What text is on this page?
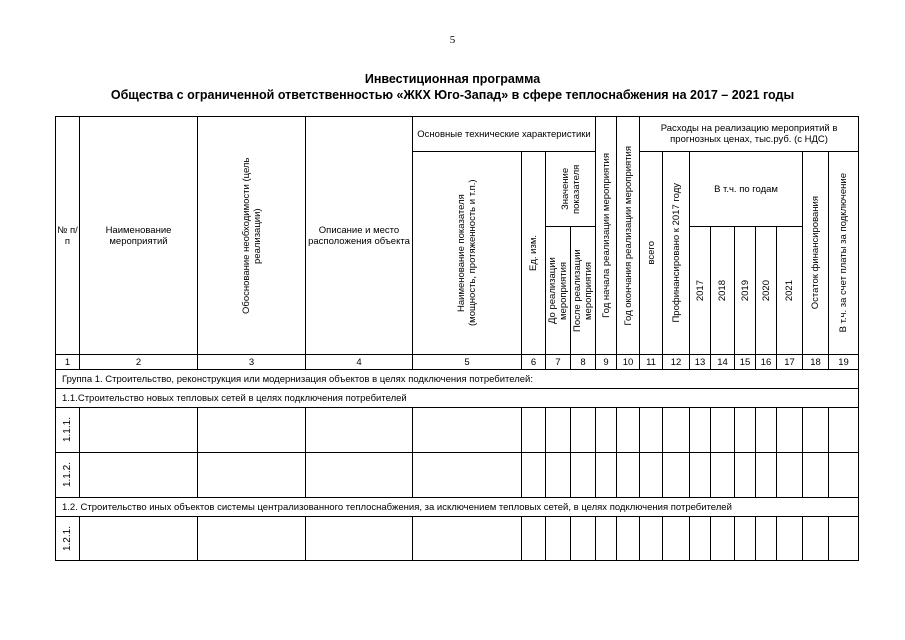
5
Инвестиционная программа
Общества с ограниченной ответственностью «ЖКХ Юго-Запад» в сфере теплоснабжения на 2017 – 2021 годы
№ п/п	Наименование мероприятий	Обоснование необходимости (цель реализации)	Описание и место расположения объекта	Основные технические характеристики				Год начала реализации мероприятия	Год окончания реализации мероприятия	Расходы на реализацию мероприятий в прогнозных ценах, тыс.руб. (с НДС)								

				Наименование показателя (мощность, протяженность и т.п.)	Ед. изм.	Значение показателя				всего	Профинансировано к 2017 году	В т.ч. по годам					Остаток финансирования	В т.ч. за счет платы за подключение

						До реализации мероприятия	После реализации мероприятия					2017	2018	2019	2020	2021		

1	2	3	4	5	6	7	8	9	10	11	12	13	14	15	16	17	18	19
Группа 1. Строительство, реконструкция или модернизация объектов в целях подключения потребителей:																		
1.1.Строительство новых тепловых сетей в целях подключения потребителей																		

1.1.1.																		

1.1.2.																		

1.2. Строительство иных объектов системы централизованного теплоснабжения, за исключением тепловых сетей, в целях подключения потребителей																		

1.2.1.																		
